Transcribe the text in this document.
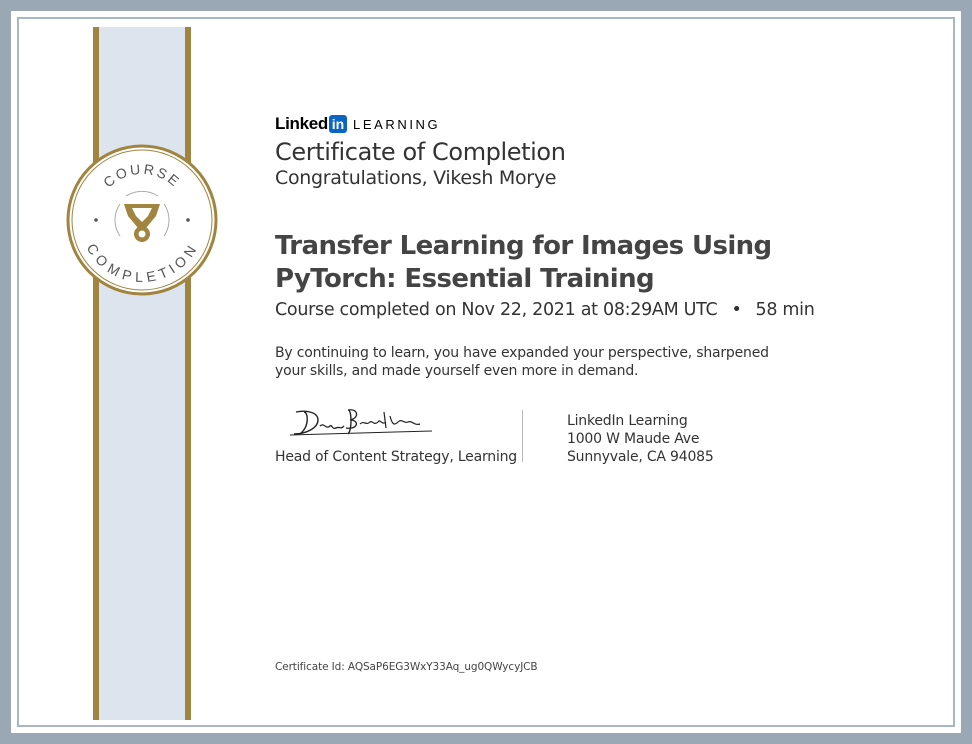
COURSE
COMPLETION
Linked in LEARNING
Certificate of Completion
Congratulations, Vikesh Morye
Transfer Learning for Images Using PyTorch: Essential Training
Course completed on Nov 22, 2021 at 08:29AM UTC • 58 min
By continuing to learn, you have expanded your perspective, sharpened your skills, and made yourself even more in demand.
Head of Content Strategy, Learning
LinkedIn Learning
1000 W Maude Ave
Sunnyvale, CA 94085
Certificate Id: AQSaP6EG3WxY33Aq_ug0QWycyJCB
